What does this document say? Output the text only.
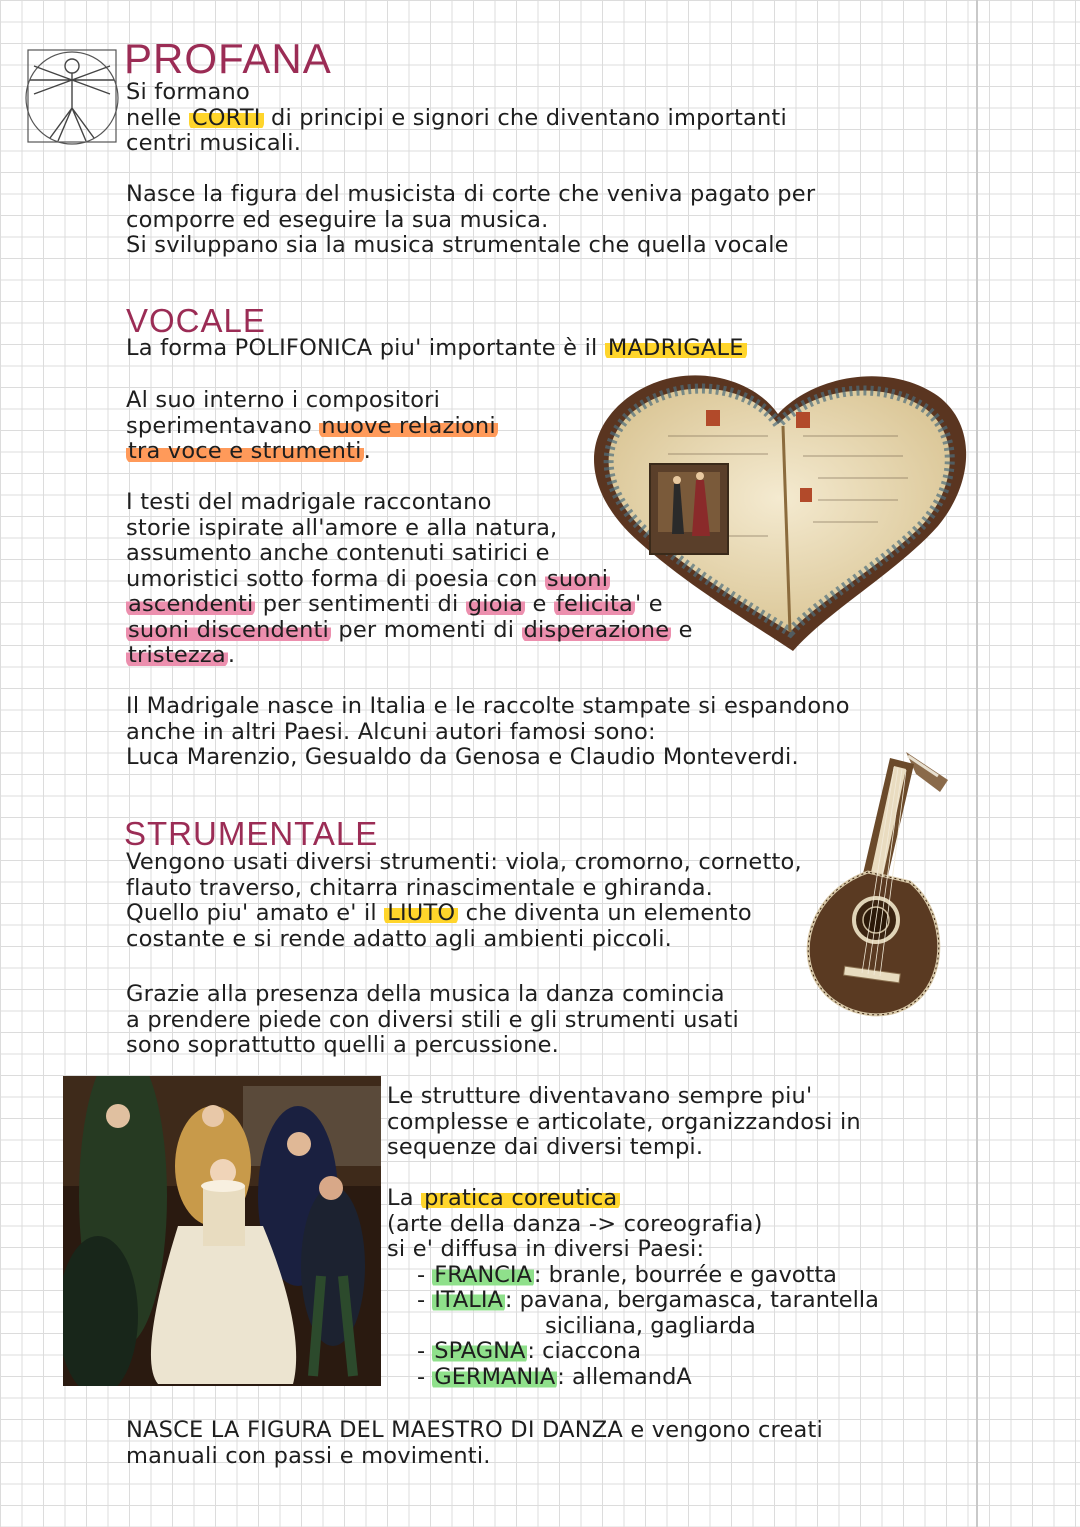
PROFANA

Si formano

nelle CORTI di principi e signori che diventano importanti

centri musicali.

Nasce la figura del musicista di corte che veniva pagato per

comporre ed eseguire la sua musica.

Si sviluppano sia la musica strumentale che quella vocale

VOCALE

La forma POLIFONICA piu' importante è il MADRIGALE

Al suo interno i compositori

sperimentavano nuove relazioni

tra voce e strumenti.

I testi del madrigale raccontano

storie ispirate all'amore e alla natura,

assumento anche contenuti satirici e

umoristici sotto forma di poesia con suoni

ascendenti per sentimenti di gioia e felicita' e

suoni discendenti per momenti di disperazione e

tristezza.

Il Madrigale nasce in Italia e le raccolte stampate si espandono

anche in altri Paesi. Alcuni autori famosi sono:

Luca Marenzio, Gesualdo da Genosa e Claudio Monteverdi.

STRUMENTALE

Vengono usati diversi strumenti: viola, cromorno, cornetto,

flauto traverso, chitarra rinascimentale e ghiranda.

Quello piu' amato e' il LIUTO che diventa un elemento

costante e si rende adatto agli ambienti piccoli.

Grazie alla presenza della musica la danza comincia

a prendere piede con diversi stili e gli strumenti usati

sono soprattutto quelli a percussione.

Le strutture diventavano sempre piu'

complesse e articolate, organizzandosi in

sequenze dai diversi tempi.

La pratica coreutica

(arte della danza -> coreografia)

si e' diffusa in diversi Paesi:

- FRANCIA: branle, bourrée e gavotta
- ITALIA: pavana, bergamasca, tarantella
siciliana, gagliarda
- SPAGNA: ciaccona
- GERMANIA: allemandA

NASCE LA FIGURA DEL MAESTRO DI DANZA e vengono creati

manuali con passi e movimenti.
